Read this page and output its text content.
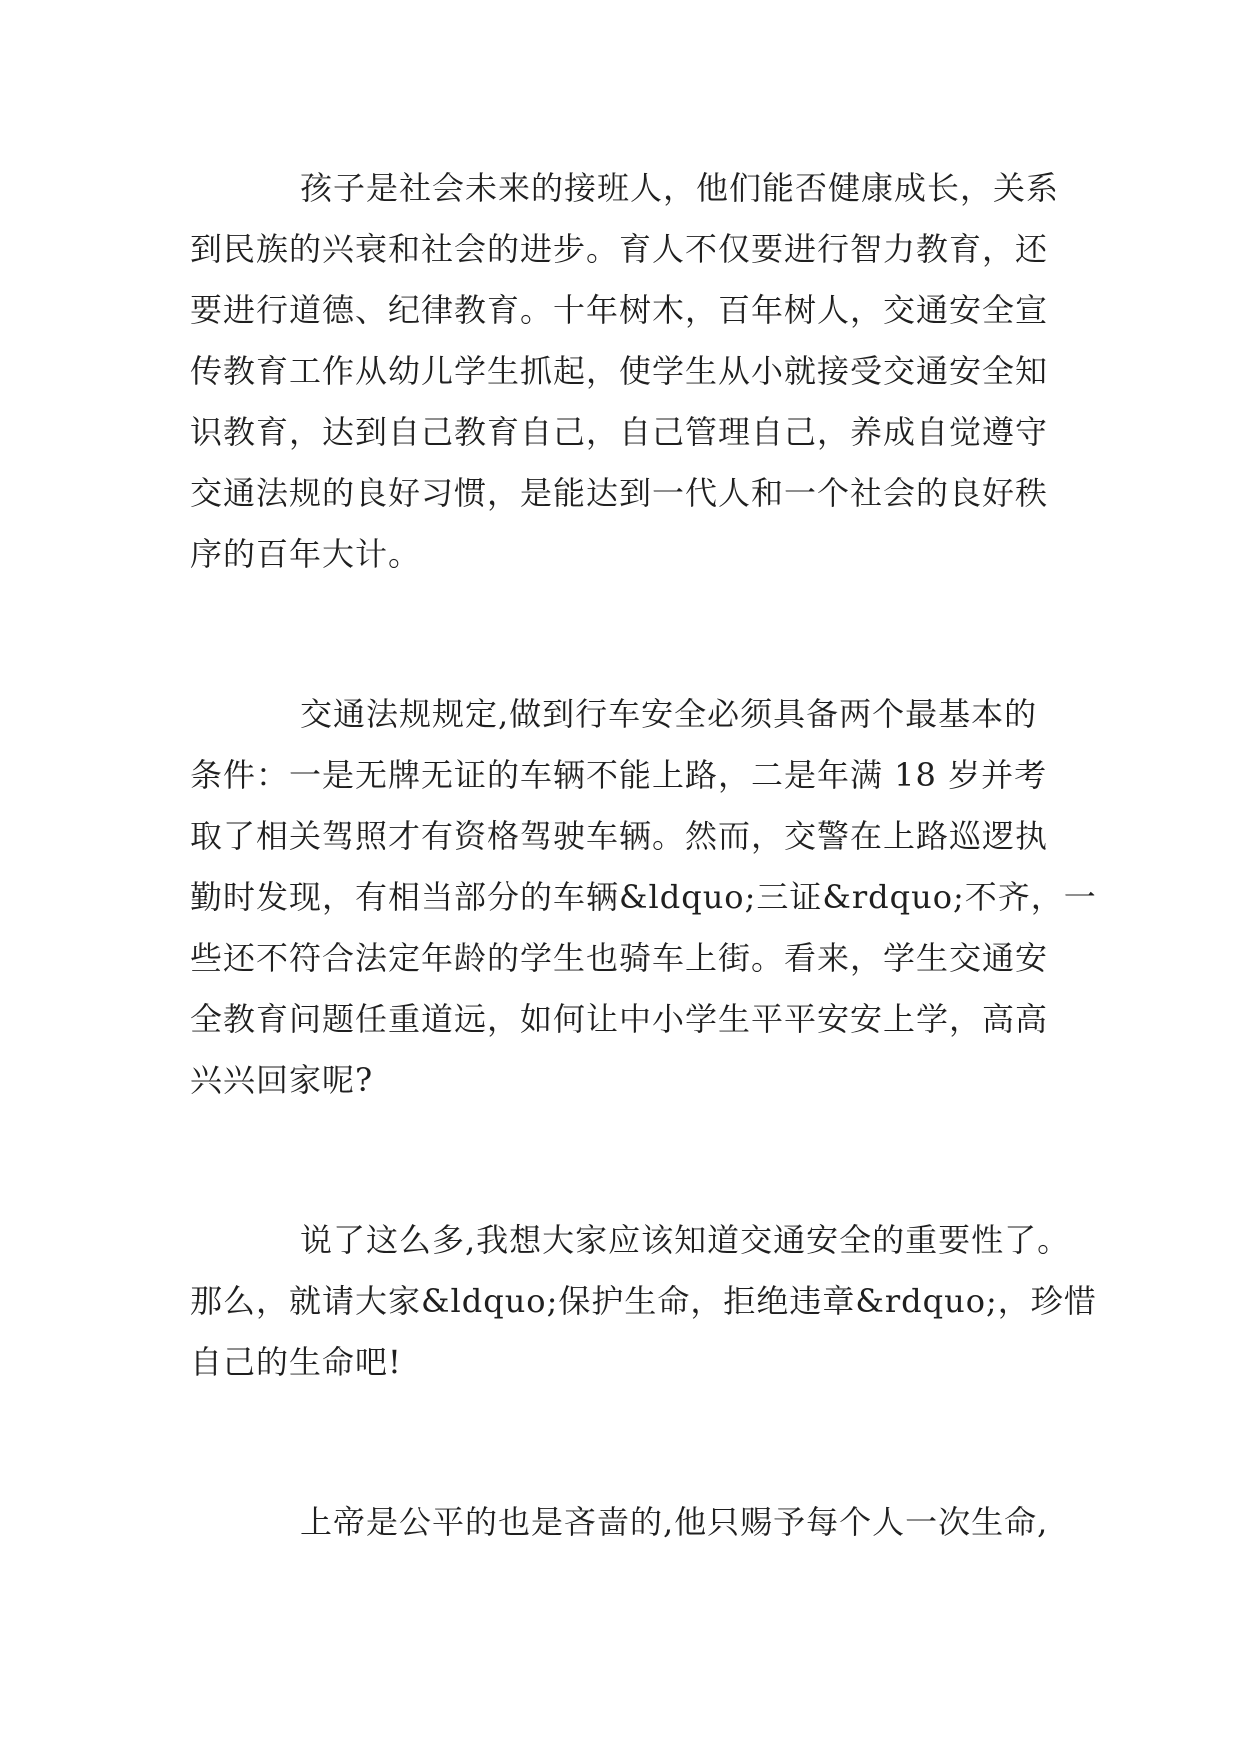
孩子是社会未来的接班人，他们能否健康成长，关系
到民族的兴衰和社会的进步。育人不仅要进行智力教育，还
要进行道德、纪律教育。十年树木，百年树人，交通安全宣
传教育工作从幼儿学生抓起，使学生从小就接受交通安全知
识教育，达到自己教育自己，自己管理自己，养成自觉遵守
交通法规的良好习惯，是能达到一代人和一个社会的良好秩
序的百年大计。

交通法规规定,做到行车安全必须具备两个最基本的
条件：一是无牌无证的车辆不能上路，二是年满 18 岁并考
取了相关驾照才有资格驾驶车辆。然而，交警在上路巡逻执
勤时发现，有相当部分的车辆&ldquo;三证&rdquo;不齐，一
些还不符合法定年龄的学生也骑车上街。看来，学生交通安
全教育问题任重道远，如何让中小学生平平安安上学，高高
兴兴回家呢?

说了这么多,我想大家应该知道交通安全的重要性了。
那么，就请大家&ldquo;保护生命，拒绝违章&rdquo;，珍惜
自己的生命吧!

上帝是公平的也是吝啬的,他只赐予每个人一次生命,
